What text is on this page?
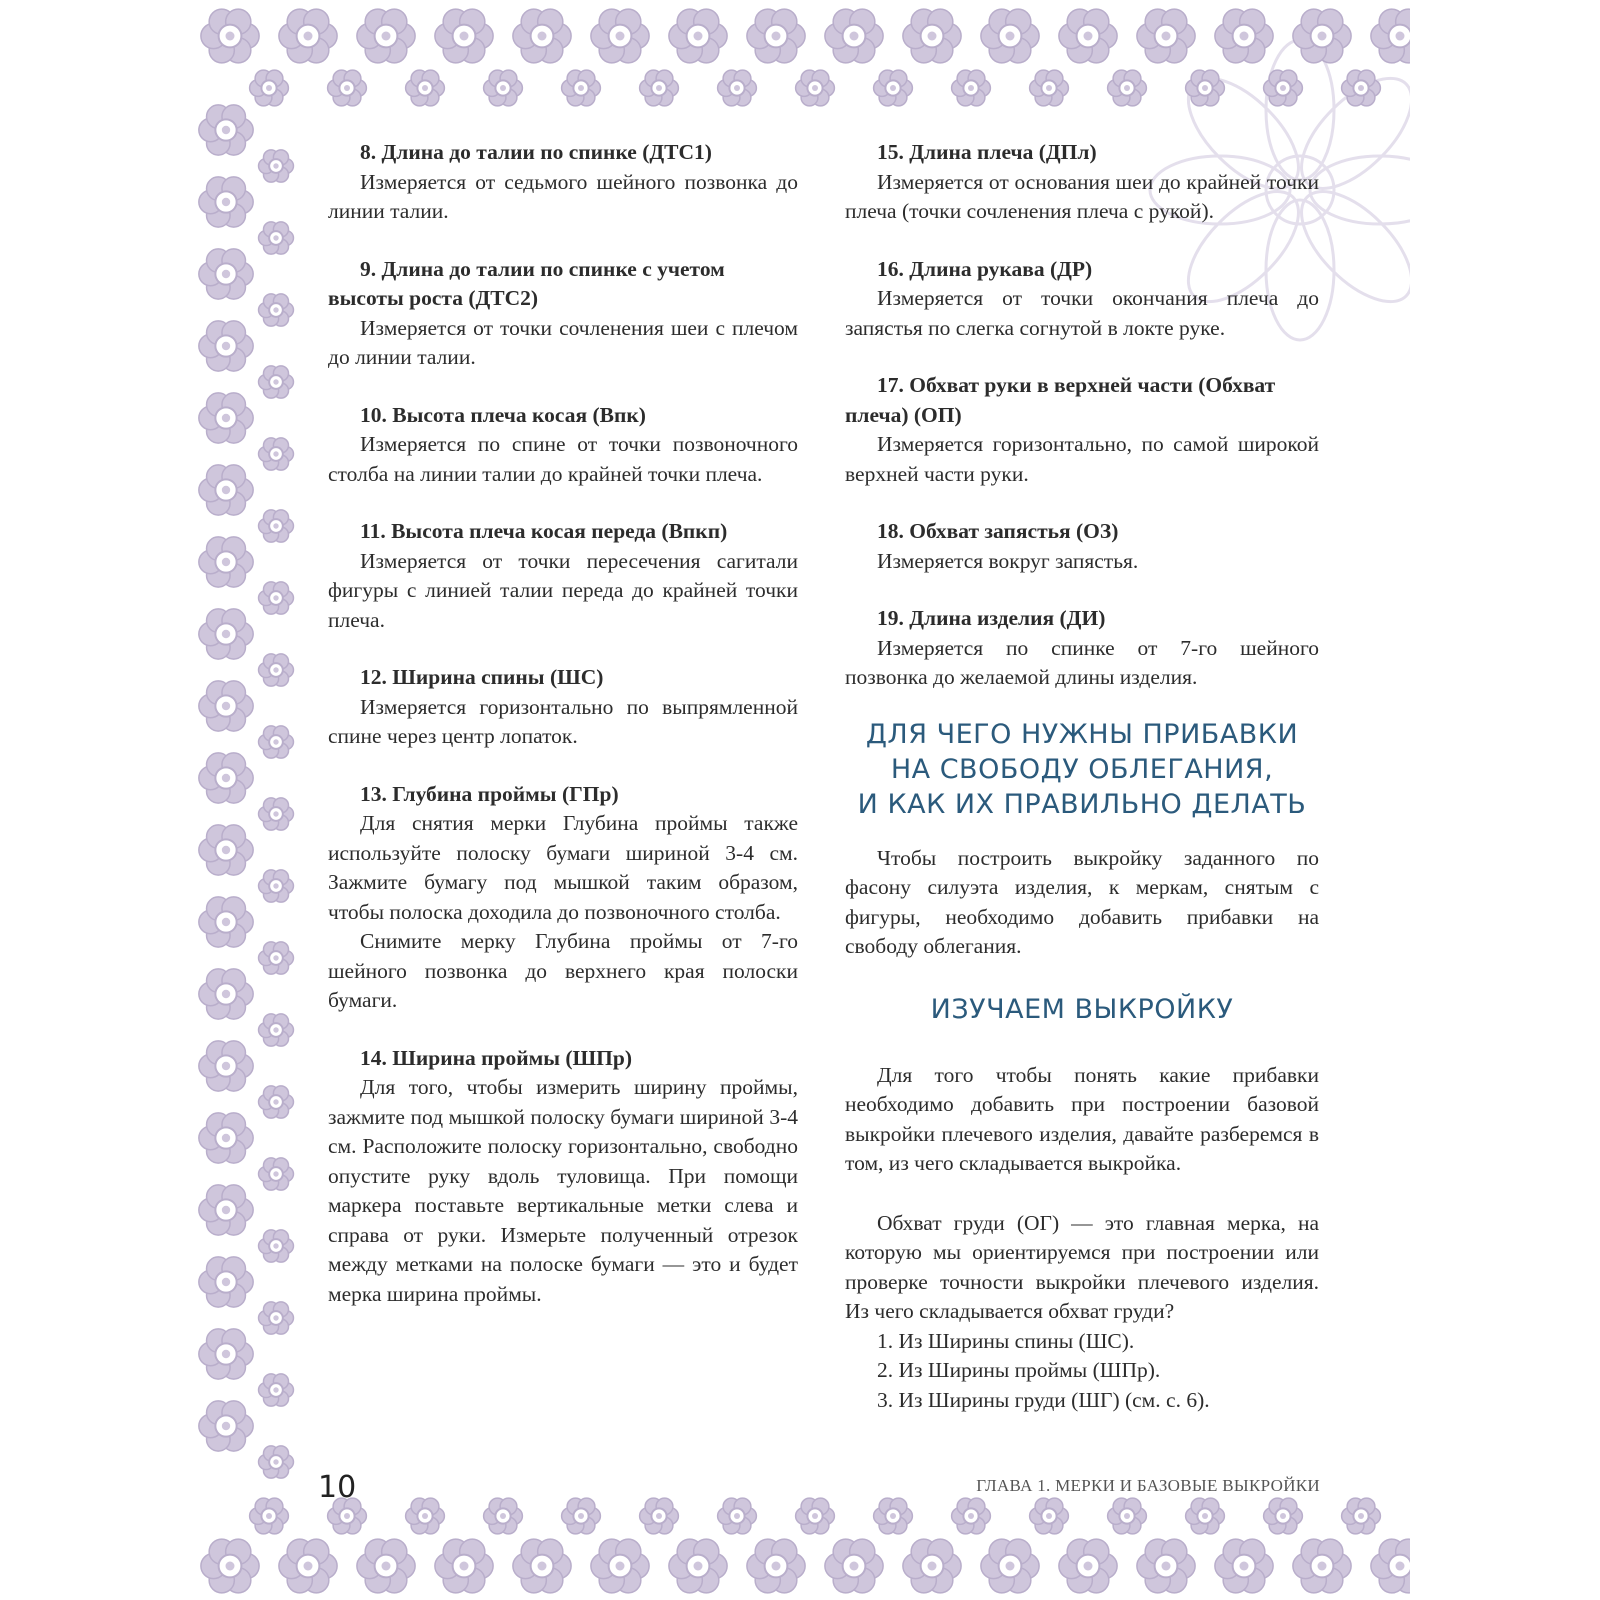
8. Длина до талии по спинке (ДТС1)

Измеряется от седьмого шейного позвонка до линии талии.

9. Длина до талии по спинке с учетом высоты роста (ДТС2)

Измеряется от точки сочленения шеи с плечом до линии талии.

10. Высота плеча косая (Впк)

Измеряется по спине от точки позвоночного столба на линии талии до крайней точки плеча.

11. Высота плеча косая переда (Впкп)

Измеряется от точки пересечения сагитали фигуры с линией талии переда до крайней точки плеча.

12. Ширина спины (ШС)

Измеряется горизонтально по выпрямленной спине через центр лопаток.

13. Глубина проймы (ГПр)

Для снятия мерки Глубина проймы также используйте полоску бумаги шириной 3-4 см. Зажмите бумагу под мышкой таким образом, чтобы полоска доходила до позвоночного столба.

Снимите мерку Глубина проймы от 7-го шейного позвонка до верхнего края полоски бумаги.

14. Ширина проймы (ШПр)

Для того, чтобы измерить ширину проймы, зажмите под мышкой полоску бумаги шириной 3-4 см. Расположите полоску горизонтально, свободно опустите руку вдоль туловища. При помощи маркера поставьте вертикальные метки слева и справа от руки. Измерьте полученный отрезок между метками на полоске бумаги — это и будет мерка ширина проймы.

15. Длина плеча (ДПл)

Измеряется от основания шеи до крайней точки плеча (точки сочленения плеча с рукой).

16. Длина рукава (ДР)

Измеряется от точки окончания плеча до запястья по слегка согнутой в локте руке.

17. Обхват руки в верхней части (Обхват плеча) (ОП)

Измеряется горизонтально, по самой широкой верхней части руки.

18. Обхват запястья (ОЗ)

Измеряется вокруг запястья.

19. Длина изделия (ДИ)

Измеряется по спинке от 7-го шейного позвонка до желаемой длины изделия.

ДЛЯ ЧЕГО НУЖНЫ ПРИБАВКИ
НА СВОБОДУ ОБЛЕГАНИЯ,
И КАК ИХ ПРАВИЛЬНО ДЕЛАТЬ

Чтобы построить выкройку заданного по фасону силуэта изделия, к меркам, снятым с фигуры, необходимо добавить прибавки на свободу облегания.

ИЗУЧАЕМ ВЫКРОЙКУ

Для того чтобы понять какие прибавки необходимо добавить при построении базовой выкройки плечевого изделия, давайте разберемся в том, из чего складывается выкройка.

Обхват груди (ОГ) — это главная мерка, на которую мы ориентируемся при построении или проверке точности выкройки плечевого изделия. Из чего складывается обхват груди?

1. Из Ширины спины (ШС).

2. Из Ширины проймы (ШПр).

3. Из Ширины груди (ШГ) (см. с. 6).

10	ГЛАВА 1. МЕРКИ И БАЗОВЫЕ ВЫКРОЙКИ
